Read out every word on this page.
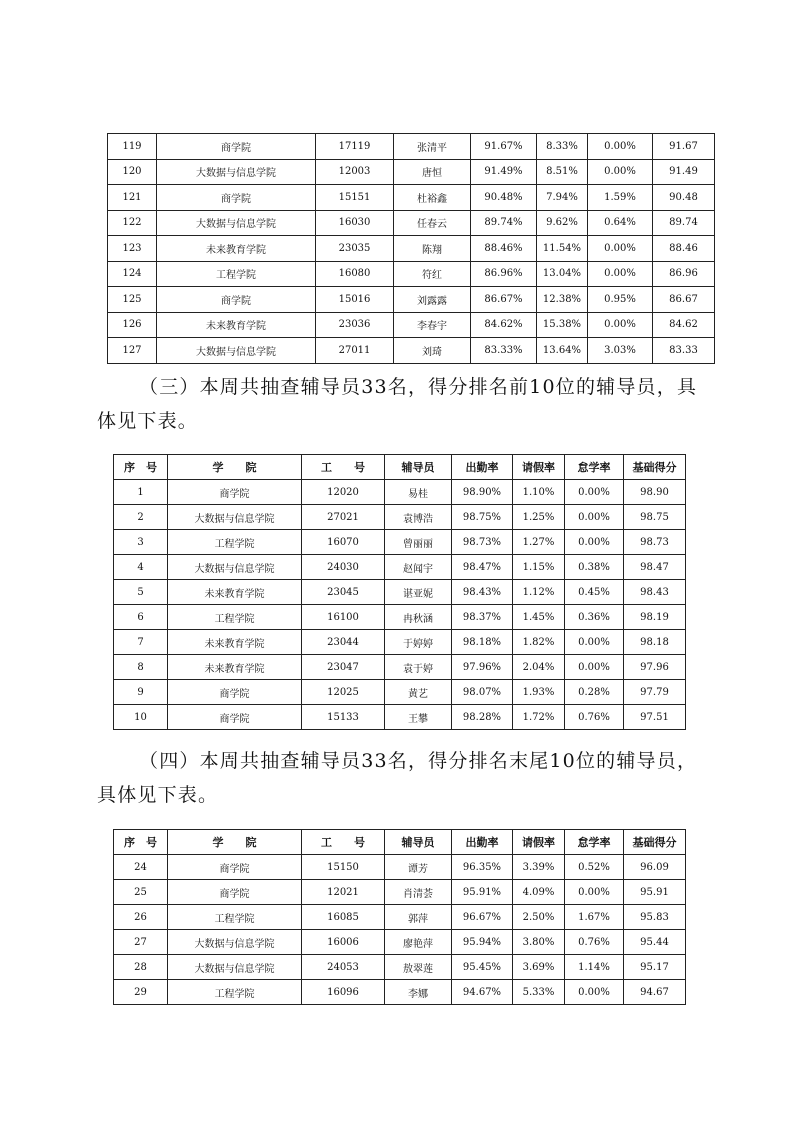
119	商学院	17119	张清平	91.67%	8.33%	0.00%	91.67
120	大数据与信息学院	12003	唐恒	91.49%	8.51%	0.00%	91.49
121	商学院	15151	杜裕鑫	90.48%	7.94%	1.59%	90.48
122	大数据与信息学院	16030	任春云	89.74%	9.62%	0.64%	89.74
123	未来教育学院	23035	陈翔	88.46%	11.54%	0.00%	88.46
124	工程学院	16080	符红	86.96%	13.04%	0.00%	86.96
125	商学院	15016	刘露露	86.67%	12.38%	0.95%	86.67
126	未来教育学院	23036	李春宇	84.62%	15.38%	0.00%	84.62
127	大数据与信息学院	27011	刘琦	83.33%	13.64%	3.03%	83.33

（三）本周共抽查辅导员33名，得分排名前10位的辅导员，具体见下表。

序　号	学　　院	工　　号	辅导员	出勤率	请假率	怠学率	基础得分
1	商学院	12020	易桂	98.90%	1.10%	0.00%	98.90
2	大数据与信息学院	27021	袁博浩	98.75%	1.25%	0.00%	98.75
3	工程学院	16070	曾丽丽	98.73%	1.27%	0.00%	98.73
4	大数据与信息学院	24030	赵闻宇	98.47%	1.15%	0.38%	98.47
5	未来教育学院	23045	谌亚妮	98.43%	1.12%	0.45%	98.43
6	工程学院	16100	冉秋涵	98.37%	1.45%	0.36%	98.19
7	未来教育学院	23044	于婷婷	98.18%	1.82%	0.00%	98.18
8	未来教育学院	23047	袁于婷	97.96%	2.04%	0.00%	97.96
9	商学院	12025	黄艺	98.07%	1.93%	0.28%	97.79
10	商学院	15133	王攀	98.28%	1.72%	0.76%	97.51

（四）本周共抽查辅导员33名，得分排名末尾10位的辅导员，具体见下表。

序　号	学　　院	工　　号	辅导员	出勤率	请假率	怠学率	基础得分
24	商学院	15150	谭芳	96.35%	3.39%	0.52%	96.09
25	商学院	12021	肖清荟	95.91%	4.09%	0.00%	95.91
26	工程学院	16085	郭萍	96.67%	2.50%	1.67%	95.83
27	大数据与信息学院	16006	廖艳萍	95.94%	3.80%	0.76%	95.44
28	大数据与信息学院	24053	敖翠莲	95.45%	3.69%	1.14%	95.17
29	工程学院	16096	李娜	94.67%	5.33%	0.00%	94.67
